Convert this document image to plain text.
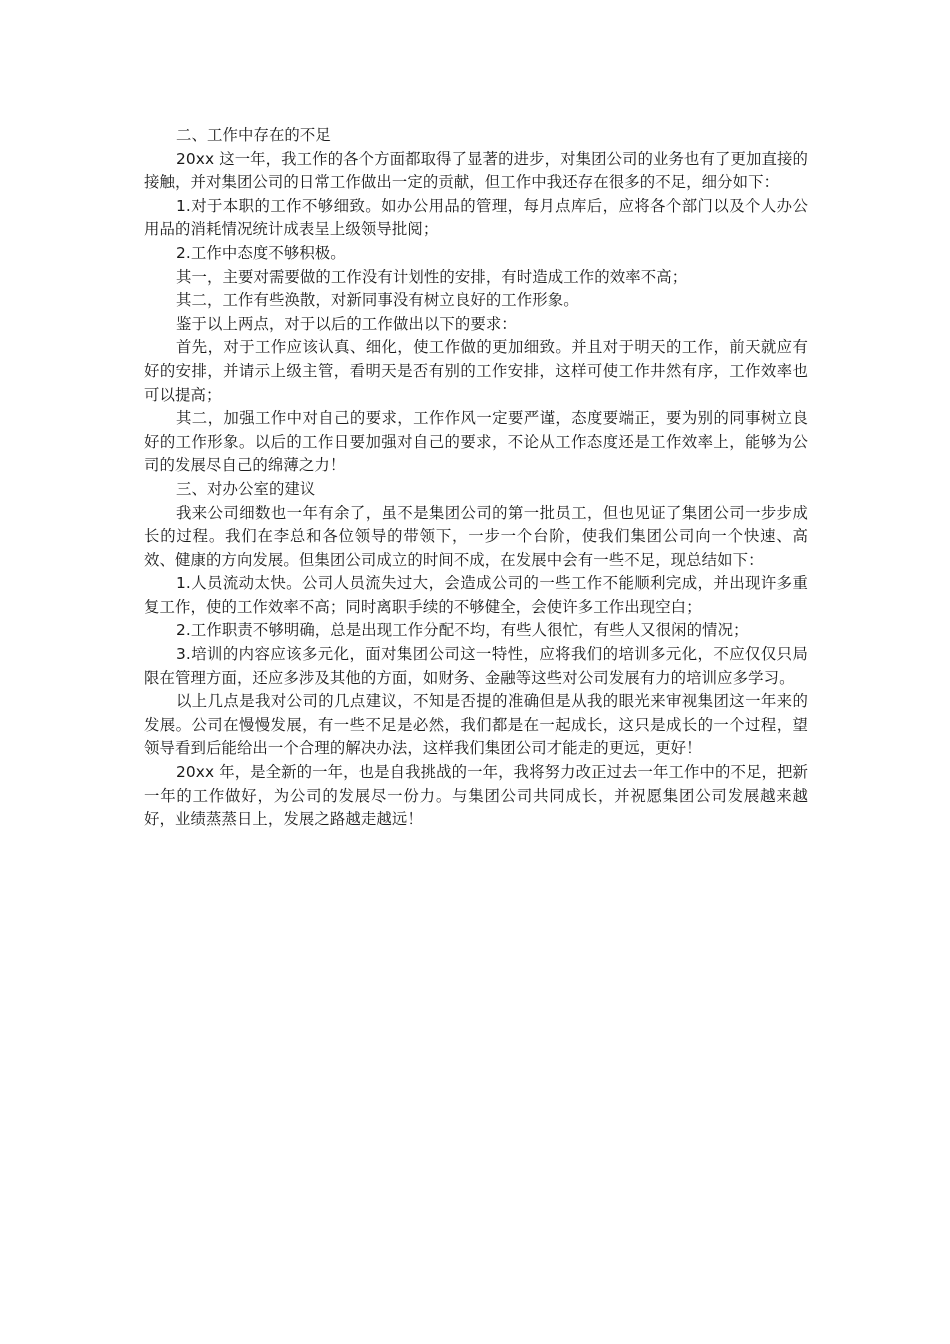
二、工作中存在的不足

20xx 这一年，我工作的各个方面都取得了显著的进步，对集团公司的业务也有了更加直接的接触，并对集团公司的日常工作做出一定的贡献，但工作中我还存在很多的不足，细分如下：

1.对于本职的工作不够细致。如办公用品的管理，每月点库后，应将各个部门以及个人办公用品的消耗情况统计成表呈上级领导批阅；

2.工作中态度不够积极。

其一，主要对需要做的工作没有计划性的安排，有时造成工作的效率不高；

其二，工作有些涣散，对新同事没有树立良好的工作形象。

鉴于以上两点，对于以后的工作做出以下的要求：

首先，对于工作应该认真、细化，使工作做的更加细致。并且对于明天的工作，前天就应有好的安排，并请示上级主管，看明天是否有别的工作安排，这样可使工作井然有序，工作效率也可以提高；

其二，加强工作中对自己的要求，工作作风一定要严谨，态度要端正，要为别的同事树立良好的工作形象。以后的工作日要加强对自己的要求，不论从工作态度还是工作效率上，能够为公司的发展尽自己的绵薄之力！

三、对办公室的建议

我来公司细数也一年有余了，虽不是集团公司的第一批员工，但也见证了集团公司一步步成长的过程。我们在李总和各位领导的带领下，一步一个台阶，使我们集团公司向一个快速、高效、健康的方向发展。但集团公司成立的时间不成，在发展中会有一些不足，现总结如下：

1.人员流动太快。公司人员流失过大，会造成公司的一些工作不能顺利完成，并出现许多重复工作，使的工作效率不高；同时离职手续的不够健全，会使许多工作出现空白；

2.工作职责不够明确，总是出现工作分配不均，有些人很忙，有些人又很闲的情况；

3.培训的内容应该多元化，面对集团公司这一特性，应将我们的培训多元化，不应仅仅只局限在管理方面，还应多涉及其他的方面，如财务、金融等这些对公司发展有力的培训应多学习。

以上几点是我对公司的几点建议，不知是否提的准确但是从我的眼光来审视集团这一年来的发展。公司在慢慢发展，有一些不足是必然，我们都是在一起成长，这只是成长的一个过程，望领导看到后能给出一个合理的解决办法，这样我们集团公司才能走的更远，更好！

20xx 年，是全新的一年，也是自我挑战的一年，我将努力改正过去一年工作中的不足，把新一年的工作做好，为公司的发展尽一份力。与集团公司共同成长，并祝愿集团公司发展越来越好，业绩蒸蒸日上，发展之路越走越远！
